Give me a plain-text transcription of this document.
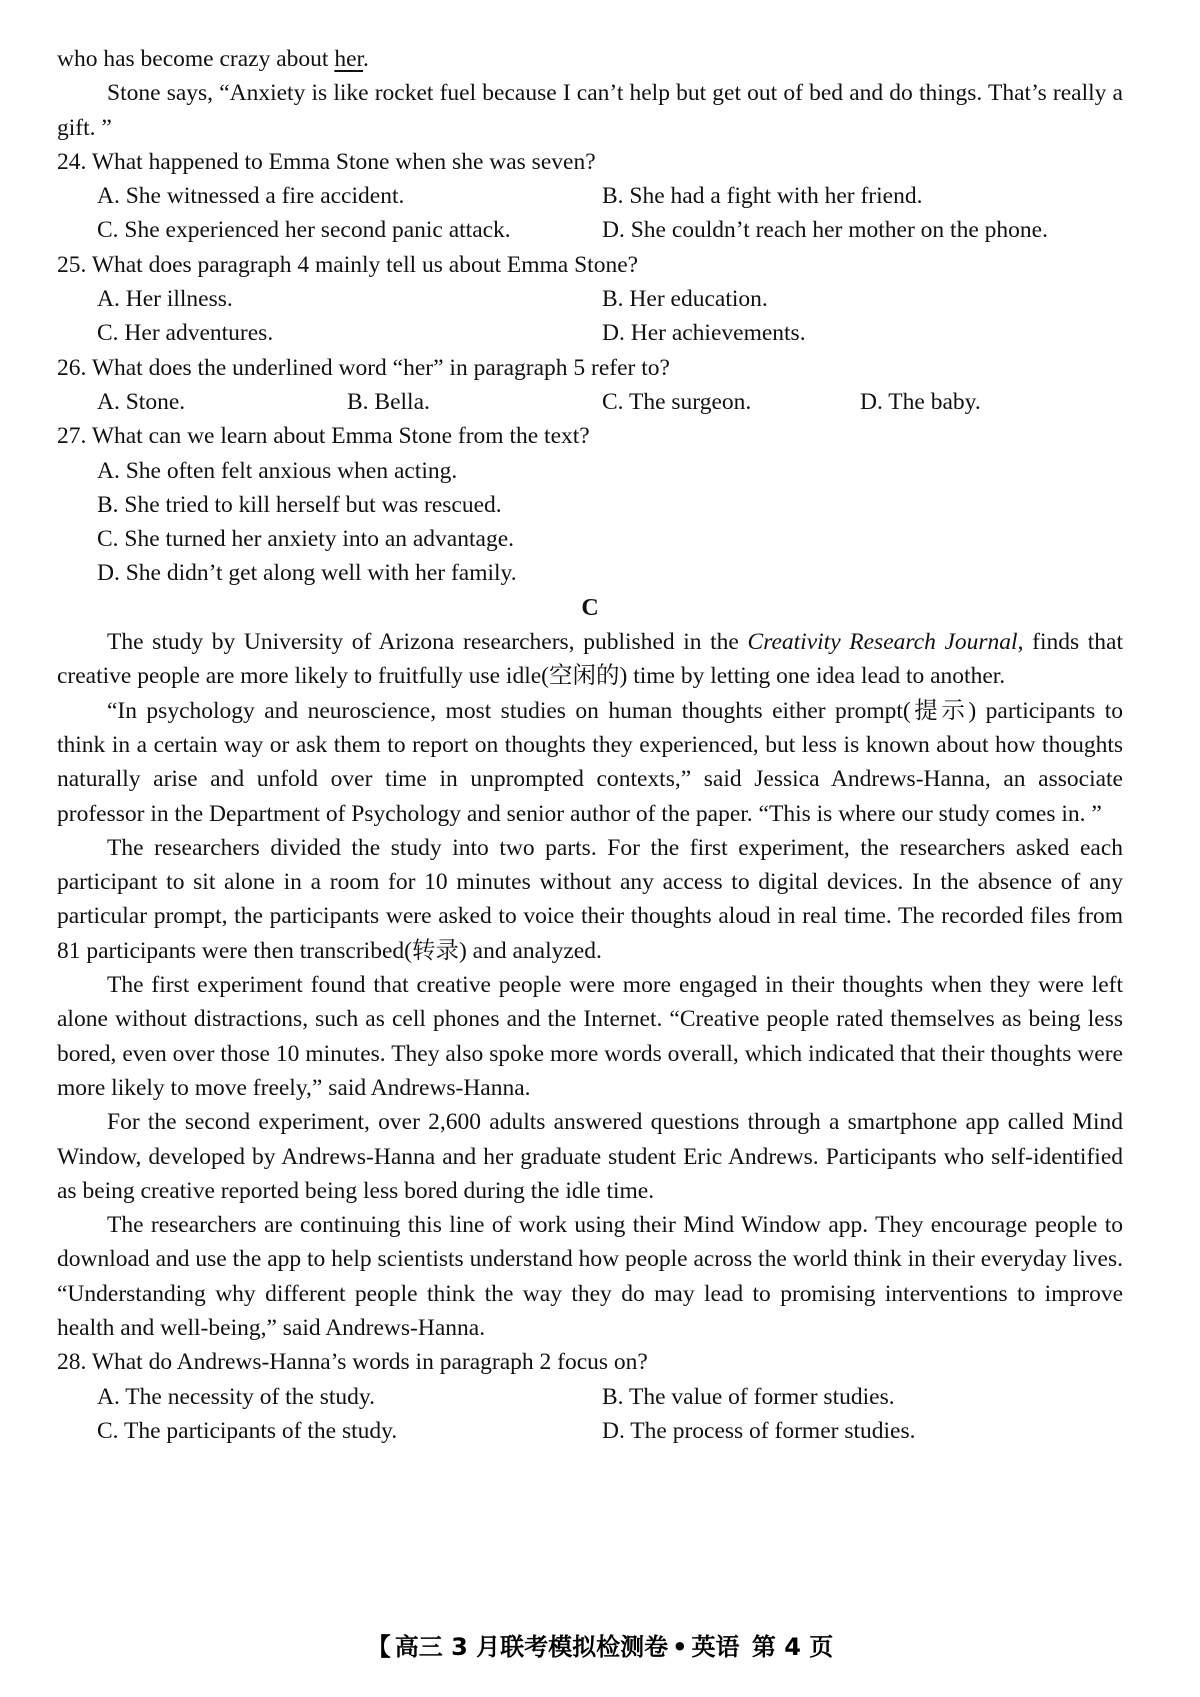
who has become crazy about her.
Stone says, “Anxiety is like rocket fuel because I can’t help but get out of bed and do things. That’s really a gift. ”
24. What happened to Emma Stone when she was seven?
A. She witnessed a fire accident.	B. She had a fight with her friend.
C. She experienced her second panic attack.	D. She couldn’t reach her mother on the phone.
25. What does paragraph 4 mainly tell us about Emma Stone?
A. Her illness.	B. Her education.
C. Her adventures.	D. Her achievements.
26. What does the underlined word “her” in paragraph 5 refer to?
A. Stone.	B. Bella.	C. The surgeon.	D. The baby.
27. What can we learn about Emma Stone from the text?
A. She often felt anxious when acting.
B. She tried to kill herself but was rescued.
C. She turned her anxiety into an advantage.
D. She didn’t get along well with her family.
C
The study by University of Arizona researchers, published in the Creativity Research Journal, finds that creative people are more likely to fruitfully use idle(空闲的) time by letting one idea lead to another.
“In psychology and neuroscience, most studies on human thoughts either prompt(提示) participants to think in a certain way or ask them to report on thoughts they experienced, but less is known about how thoughts naturally arise and unfold over time in unprompted contexts,” said Jessica Andrews-Hanna, an associate professor in the Department of Psychology and senior author of the paper. “This is where our study comes in. ”
The researchers divided the study into two parts. For the first experiment, the researchers asked each participant to sit alone in a room for 10 minutes without any access to digital devices. In the absence of any particular prompt, the participants were asked to voice their thoughts aloud in real time. The recorded files from 81 participants were then transcribed(转录) and analyzed.
The first experiment found that creative people were more engaged in their thoughts when they were left alone without distractions, such as cell phones and the Internet. “Creative people rated themselves as being less bored, even over those 10 minutes. They also spoke more words overall, which indicated that their thoughts were more likely to move freely,” said Andrews-Hanna.
For the second experiment, over 2,600 adults answered questions through a smartphone app called Mind Window, developed by Andrews-Hanna and her graduate student Eric Andrews. Participants who self-identified as being creative reported being less bored during the idle time.
The researchers are continuing this line of work using their Mind Window app. They encourage people to download and use the app to help scientists understand how people across the world think in their everyday lives. “Understanding why different people think the way they do may lead to promising interventions to improve health and well-being,” said Andrews-Hanna.
28. What do Andrews-Hanna’s words in paragraph 2 focus on?
A. The necessity of the study.	B. The value of former studies.
C. The participants of the study.	D. The process of former studies.
【 高三 3 月联考模拟检测卷 • 英语 第 4 页
